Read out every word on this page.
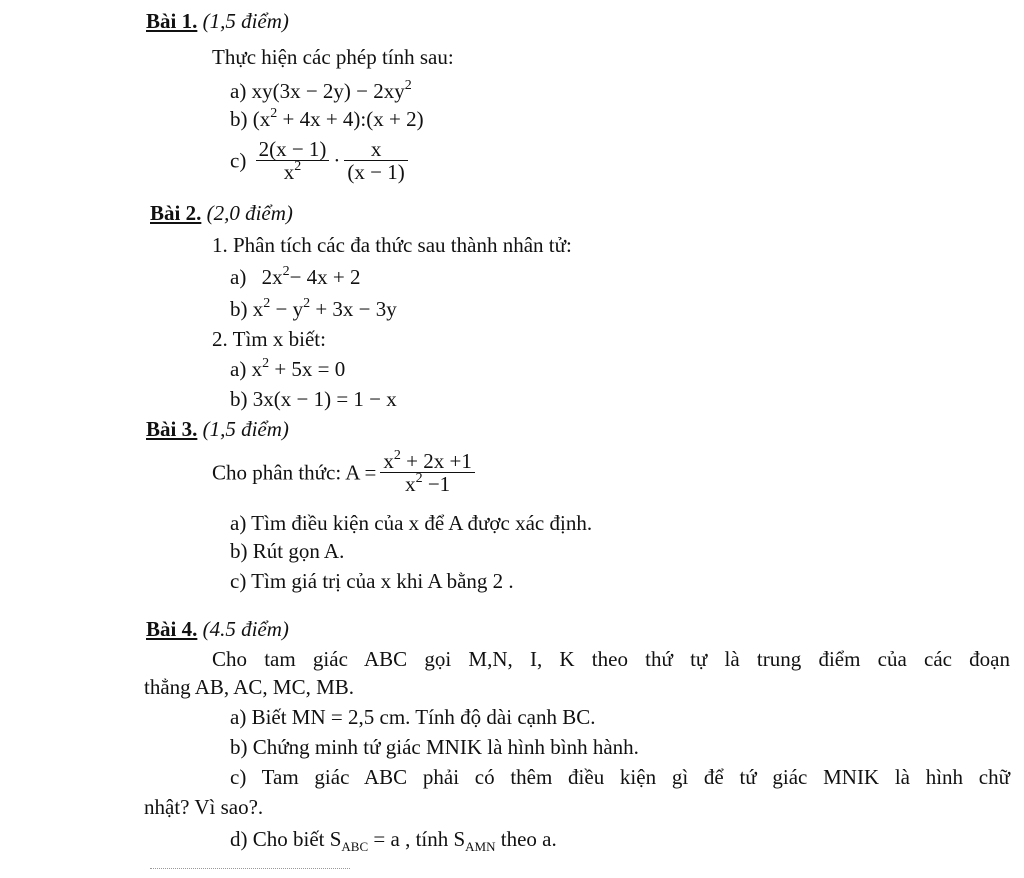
Bài 1. (1,5 điểm)
Thực hiện các phép tính sau:
a) $xy(3x - 2y) - 2xy^2$
b) ($x^2 + 4x$ + 4):(x + 2)
$c) \frac{2(x - 1)}{x^2} \cdot \frac{x}{(x - 1)}$
Bài 2. (2,0 điểm)
1. Phân tích các đa thức sau thành nhân tử:
a) $2x^2- 4x + 2$
b) $x^2 - y^2 + 3x - 3y$
2. Tìm x biết:
a) $x^2 + 5x = 0$
b) 3x(x − 1) = 1 − x
Bài 3. (1,5 điểm)
Cho phân thức: $A = \frac{x^2 + 2x +1}{x^2 -1}$
a) Tìm điều kiện của x để A được xác định.
b) Rút gọn A.
c) Tìm giá trị của x khi A bằng 2 .
Bài 4. (4.5 điểm)
Cho tam giác ABC gọi M,N, I, K theo thứ tự là trung điểm của các đoạn
thẳng AB, AC, MC, MB.
a) Biết MN = 2,5 cm. Tính độ dài cạnh BC.
b) Chứng minh tứ giác MNIK là hình bình hành.
c) Tam giác ABC phải có thêm điều kiện gì để tứ giác MNIK là hình chữ
nhật? Vì sao?.
d) Cho biết $S_{ABC} = a$ , tính $S_{AMN}$ theo a.
